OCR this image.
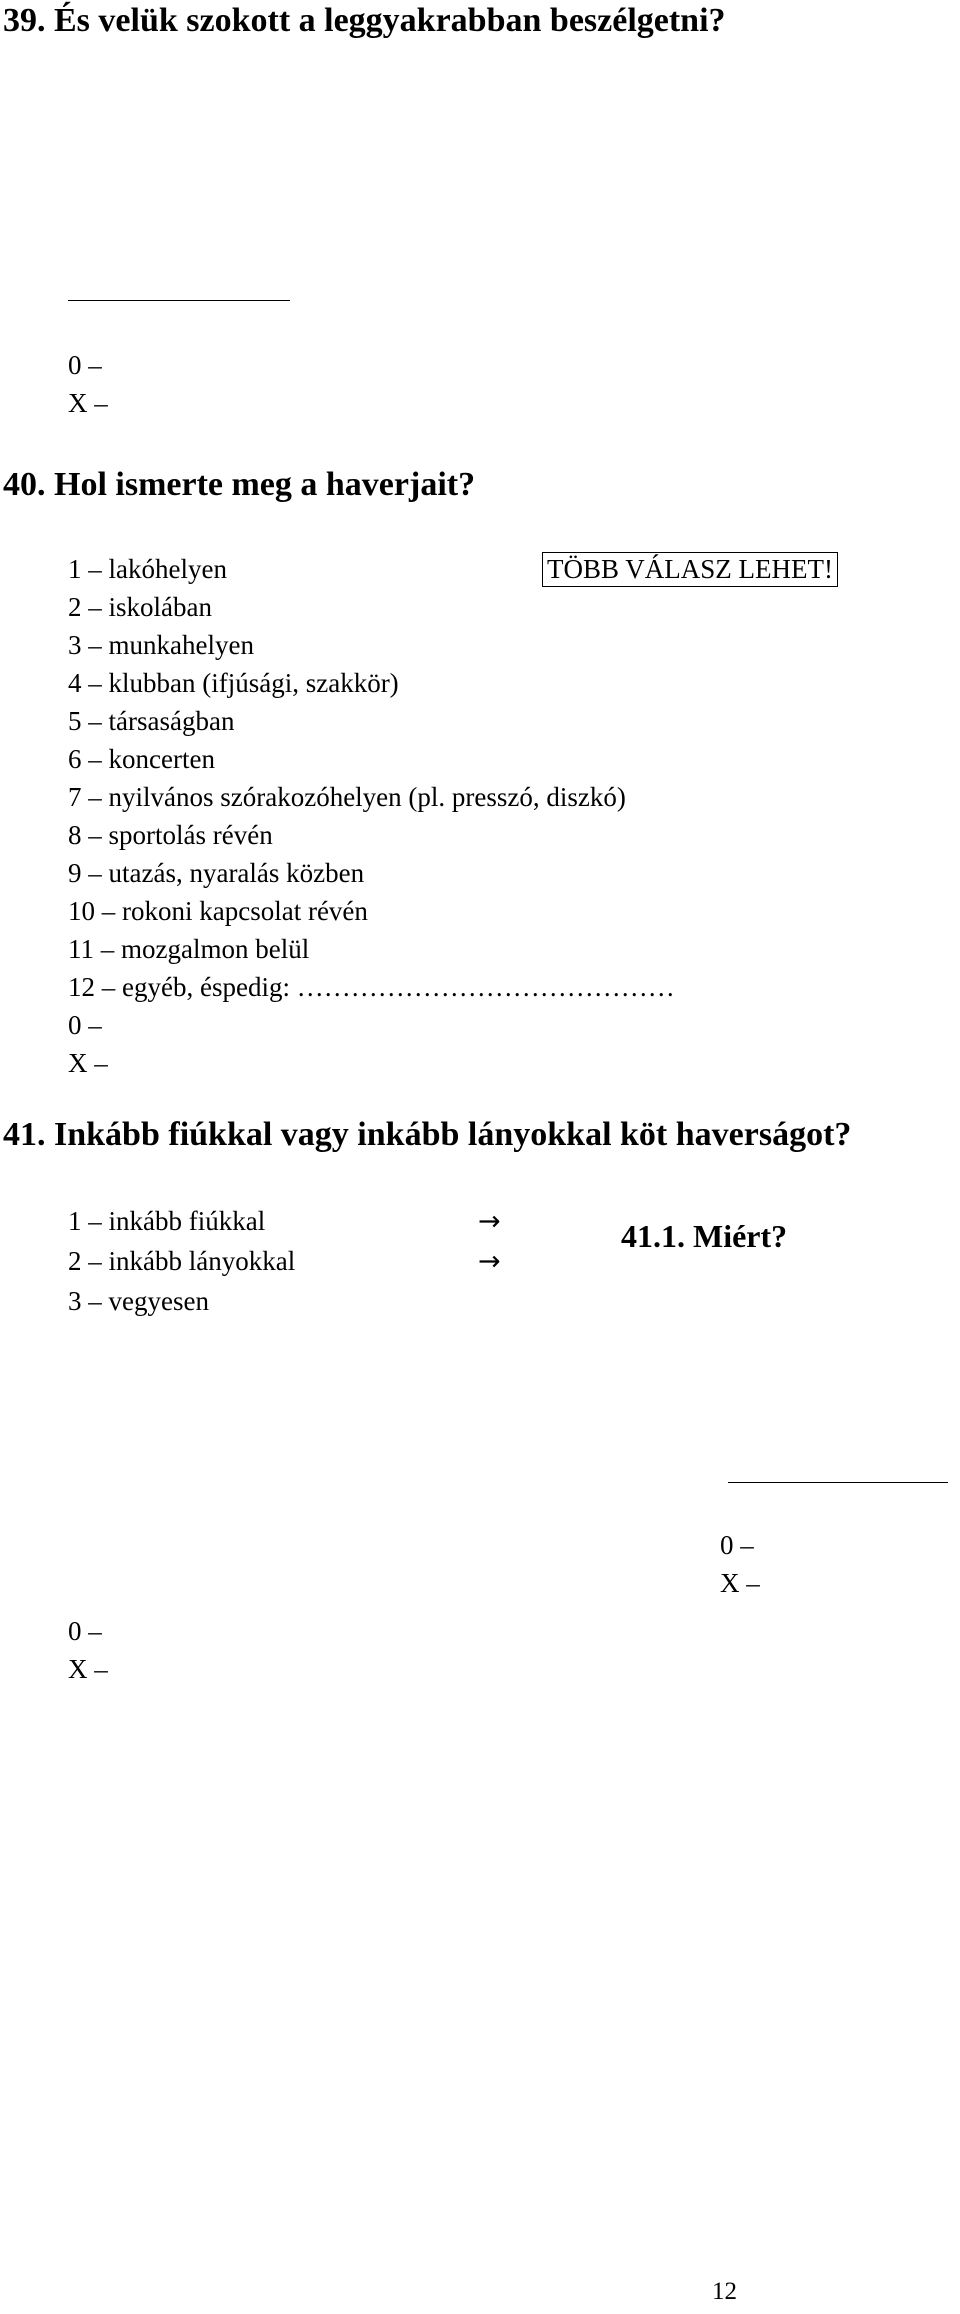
39. És velük szokott a leggyakrabban beszélgetni?
0 –
X –
40. Hol ismerte meg a haverjait?
TÖBB VÁLASZ LEHET!
1 – lakóhelyen
2 – iskolában
3 – munkahelyen
4 – klubban (ifjúsági, szakkör)
5 – társaságban
6 – koncerten
7 – nyilvános szórakozóhelyen (pl. presszó, diszkó)
8 – sportolás révén
9 – utazás, nyaralás közben
10 – rokoni kapcsolat révén
11 – mozgalmon belül
12 – egyéb, éspedig: ……………………………………
0 –
X –
41. Inkább fiúkkal vagy inkább lányokkal köt haverságot?
1 – inkább fiúkkal
2 – inkább lányokkal
3 – vegyesen
→
→
41.1. Miért?
0 –
X –
0 –
X –
12
